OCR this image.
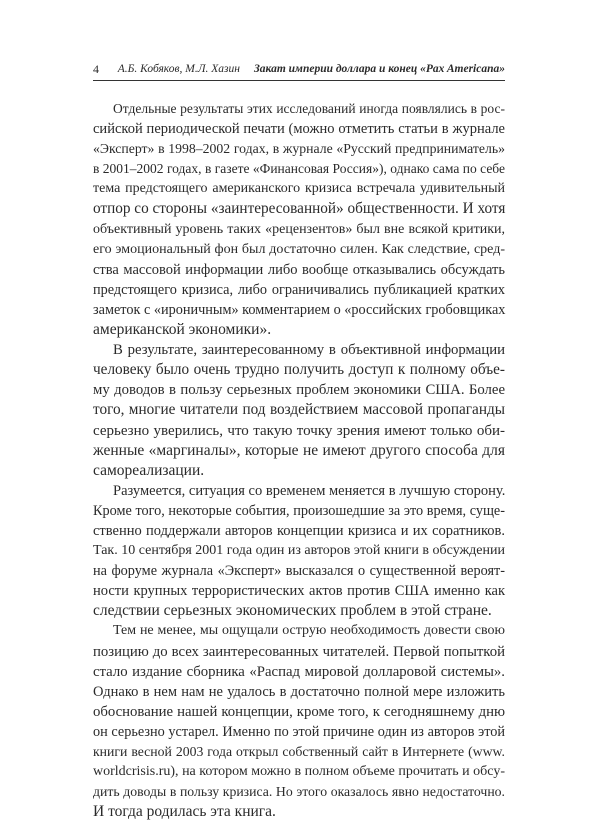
4 А.Б. Кобяков, М.Л. Хазин Закат империи доллара и конец «Pax Americana»
Отдельные результаты этих исследований иногда появлялись в рос-
сийской периодической печати (можно отметить статьи в журнале
«Эксперт» в 1998–2002 годах, в журнале «Русский предприниматель»
в 2001–2002 годах, в газете «Финансовая Россия»), однако сама по себе
тема предстоящего американского кризиса встречала удивительный
отпор со стороны «заинтересованной» общественности. И хотя
объективный уровень таких «рецензентов» был вне всякой критики,
его эмоциональный фон был достаточно силен. Как следствие, сред-
ства массовой информации либо вообще отказывались обсуждать
предстоящего кризиса, либо ограничивались публикацией кратких
заметок с «ироничным» комментарием о «российских гробовщиках
американской экономики».
В результате, заинтересованному в объективной информации
человеку было очень трудно получить доступ к полному объе-
му доводов в пользу серьезных проблем экономики США. Более
того, многие читатели под воздействием массовой пропаганды
серьезно уверились, что такую точку зрения имеют только оби-
женные «маргиналы», которые не имеют другого способа для
самореализации.
Разумеется, ситуация со временем меняется в лучшую сторону.
Кроме того, некоторые события, произошедшие за это время, суще-
ственно поддержали авторов концепции кризиса и их соратников.
Так. 10 сентября 2001 года один из авторов этой книги в обсуждении
на форуме журнала «Эксперт» высказался о существенной вероят-
ности крупных террористических актов против США именно как
следствии серьезных экономических проблем в этой стране.
Тем не менее, мы ощущали острую необходимость довести свою
позицию до всех заинтересованных читателей. Первой попыткой
стало издание сборника «Распад мировой долларовой системы».
Однако в нем нам не удалось в достаточно полной мере изложить
обоснование нашей концепции, кроме того, к сегодняшнему дню
он серьезно устарел. Именно по этой причине один из авторов этой
книги весной 2003 года открыл собственный сайт в Интернете (www.
worldcrisis.ru), на котором можно в полном объеме прочитать и обсу-
дить доводы в пользу кризиса. Но этого оказалось явно недостаточно.
И тогда родилась эта книга.
